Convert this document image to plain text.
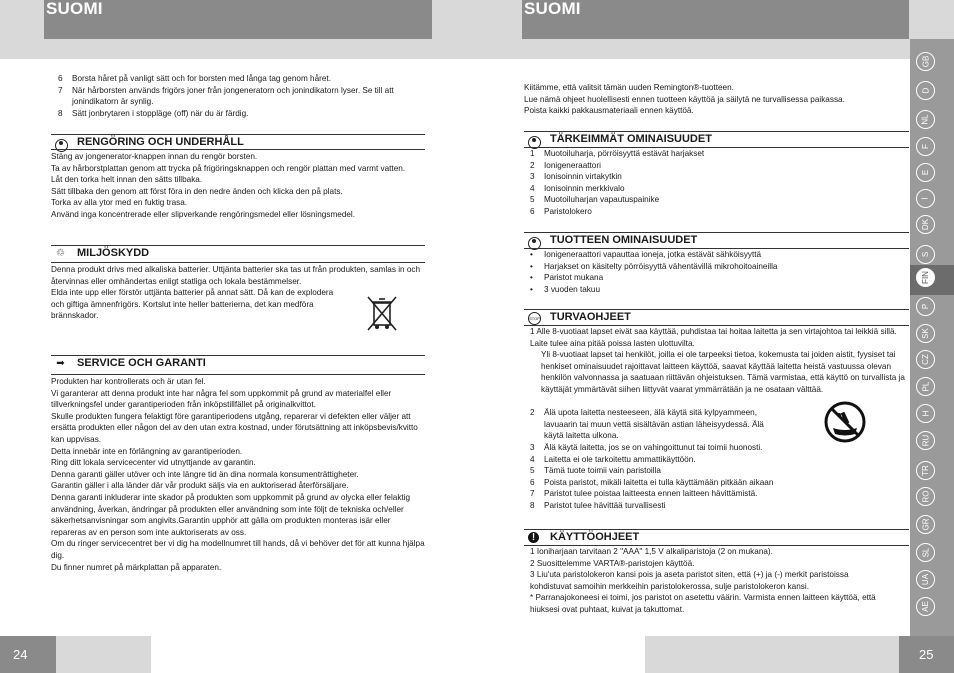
SUOMI
6	Borsta håret på vanligt sätt och for borsten med långa tag genom håret.
7	När hårborsten används frigörs joner från jongeneratorn och jonindikatorn lyser. Se till att jonindikatorn är synlig.
8	Sätt jonbrytaren i stoppläge (off) när du är färdig.
RENGÖRING OCH UNDERHÅLL
Stäng av jongenerator-knappen innan du rengör borsten.
Ta av hårborstplattan genom att trycka på frigöringsknappen och rengör plattan med varmt vatten.
Låt den torka helt innan den sätts tillbaka.
Sätt tillbaka den genom att först föra in den nedre änden och klicka den på plats.
Torka av alla ytor med en fuktig trasa.
Använd inga koncentrerade eller slipverkande rengöringsmedel eller lösningsmedel.
♲ MILJÖSKYDD
Denna produkt drivs med alkaliska batterier. Uttjänta batterier ska tas ut från produkten, samlas in och återvinnas eller omhändertas enligt statliga och lokala bestämmelser.
Elda inte upp eller förstör uttjänta batterier på annat sätt. Då kan de explodera och giftiga ämnenfrigörs. Kortslut inte heller batterierna, det kan medföra brännskador.
➡ SERVICE OCH GARANTI
Produkten har kontrollerats och är utan fel.
Vi garanterar att denna produkt inte har några fel som uppkommit på grund av materialfel eller tillverkningsfel under garantiperioden från inköpstillfället på originalkvittot.
Skulle produkten fungera felaktigt före garantiperiodens utgång, reparerar vi defekten eller väljer att ersätta produkten eller någon del av den utan extra kostnad, under förutsättning att inköpsbevis/kvitto kan uppvisas.
Detta innebär inte en förlängning av garantiperioden.
Ring ditt lokala servicecenter vid utnyttjande av garantin.
Denna garanti gäller utöver och inte längre tid än dina normala konsumenträttigheter.
Garantin gäller i alla länder där vår produkt säljs via en auktoriserad återförsäljare.
Denna garanti inkluderar inte skador på produkten som uppkommit på grund av olycka eller felaktig användning, åverkan, ändringar på produkten eller användning som inte följt de tekniska och/eller säkerhetsanvisningar som angivits.Garantin upphör att gälla om produkten monteras isär eller repareras av en person som inte auktoriserats av oss.
Om du ringer servicecentret ber vi dig ha modellnumret till hands, då vi behöver det för att kunna hjälpa dig.
Du finner numret på märkplattan på apparaten.
24
SUOMI
Kiitämme, että valitsit tämän uuden Remington®-tuotteen.
Lue nämä ohjeet huolellisesti ennen tuotteen käyttöä ja säilytä ne turvallisessa paikassa.
Poista kaikki pakkausmateriaali ennen käyttöä.
TÄRKEIMMÄT OMINAISUUDET
1	Muotoiluharja, pörröisyyttä estävät harjakset
2	Ionigeneraattori
3	Ionisoinnin virtakytkin
4	Ionisoinnin merkkivalo
5	Muotoiluharjan vapautuspainike
6	Paristolokero
TUOTTEEN OMINAISUUDET
•	Ionigeneraattori vapauttaa ioneja, jotka estävät sähköisyyttä
•	Harjakset on käsitelty pörröisyyttä vähentävillä mikrohoitoaineilla
•	Paristot mukana
•	3 vuoden takuu
STOP TURVAOHJEET
1 Alle 8-vuotiaat lapset eivät saa käyttää, puhdistaa tai hoitaa laitetta ja sen virtajohtoa tai leikkiä sillä. Laite tulee aina pitää poissa lasten ulottuvilta.
Yli 8-vuotiaat lapset tai henkilöt, joilla ei ole tarpeeksi tietoa, kokemusta tai joiden aistit, fyysiset tai henkiset ominaisuudet rajoittavat laitteen käyttöä, saavat käyttää laitetta heistä vastuussa olevan henkilön valvonnassa ja saatuaan riittävän ohjeistuksen. Tämä varmistaa, että käyttö on turvallista ja käyttäjät ymmärtävät siihen liittyvät vaarat ymmärrätään ja ne osataan välttää.
2	Älä upota laitetta nesteeseen, älä käytä sitä kylpyammeen, lavuaarin tai muun vettä sisältävän astian läheisyydessä. Älä käytä laitetta ulkona.
3	Älä käytä laitetta, jos se on vahingoittunut tai toimii huonosti.
4	Laitetta ei ole tarkoitettu ammattikäyttöön.
5	Tämä tuote toimii vain paristoilla
6	Poista paristot, mikäli laitetta ei tulla käyttämään pitkään aikaan
7	Paristot tulee poistaa laitteesta ennen laitteen hävittämistä.
8	Paristot tulee hävittää turvallisesti
!	KÄYTTÖOHJEET
1 Ioniharjaan tarvitaan 2 "AAA" 1,5 V alkaliparistoja (2 on mukana).
2 Suosittelemme VARTA®-paristojen käyttöä.
3 Liu'uta paristolokeron kansi pois ja aseta paristot siten, että (+) ja (-) merkit paristoissa kohdistuvat samoihin merkkeihin paristolokerossa, sulje paristolokeron kansi.
* Parranajokoneesi ei toimi, jos paristot on asetettu väärin. Varmista ennen laitteen käyttöä, että hiuksesi ovat puhtaat, kuivat ja takuttomat.
25
GB
D
NL
F
E
I
DK
S
FIN
P
SK
CZ
PL
H
RU
TR
RO
GR
SL
UA
AE
